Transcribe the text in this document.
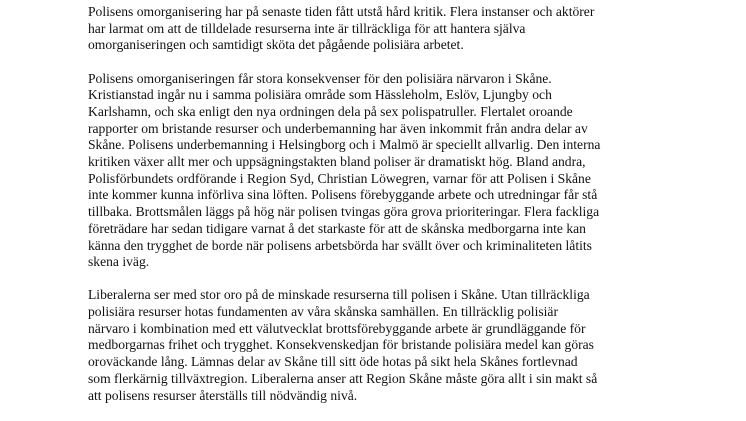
Polisens omorganisering har på senaste tiden fått utstå hård kritik. Flera instanser och aktörer
har larmat om att de tilldelade resurserna inte är tillräckliga för att hantera själva
omorganiseringen och samtidigt sköta det pågående polisiära arbetet.

Polisens omorganiseringen får stora konsekvenser för den polisiära närvaron i Skåne.
Kristianstad ingår nu i samma polisiära område som Hässleholm, Eslöv, Ljungby och
Karlshamn, och ska enligt den nya ordningen dela på sex polispatruller. Flertalet oroande
rapporter om bristande resurser och underbemanning har även inkommit från andra delar av
Skåne. Polisens underbemanning i Helsingborg och i Malmö är speciellt allvarlig. Den interna
kritiken växer allt mer och uppsägningstakten bland poliser är dramatiskt hög. Bland andra,
Polisförbundets ordförande i Region Syd, Christian Löwegren, varnar för att Polisen i Skåne
inte kommer kunna införliva sina löften. Polisens förebyggande arbete och utredningar får stå
tillbaka. Brottsmålen läggs på hög när polisen tvingas göra grova prioriteringar. Flera fackliga
företrädare har sedan tidigare varnat å det starkaste för att de skånska medborgarna inte kan
känna den trygghet de borde när polisens arbetsbörda har svällt över och kriminaliteten låtits
skena iväg.

Liberalerna ser med stor oro på de minskade resurserna till polisen i Skåne. Utan tillräckliga
polisiära resurser hotas fundamenten av våra skånska samhällen. En tillräcklig polisiär
närvaro i kombination med ett välutvecklat brottsförebyggande arbete är grundläggande för
medborgarnas frihet och trygghet. Konsekvenskedjan för bristande polisiära medel kan göras
oroväckande lång. Lämnas delar av Skåne till sitt öde hotas på sikt hela Skånes fortlevnad
som flerkärnig tillväxtregion. Liberalerna anser att Region Skåne måste göra allt i sin makt så
att polisens resurser återställs till nödvändig nivå.
